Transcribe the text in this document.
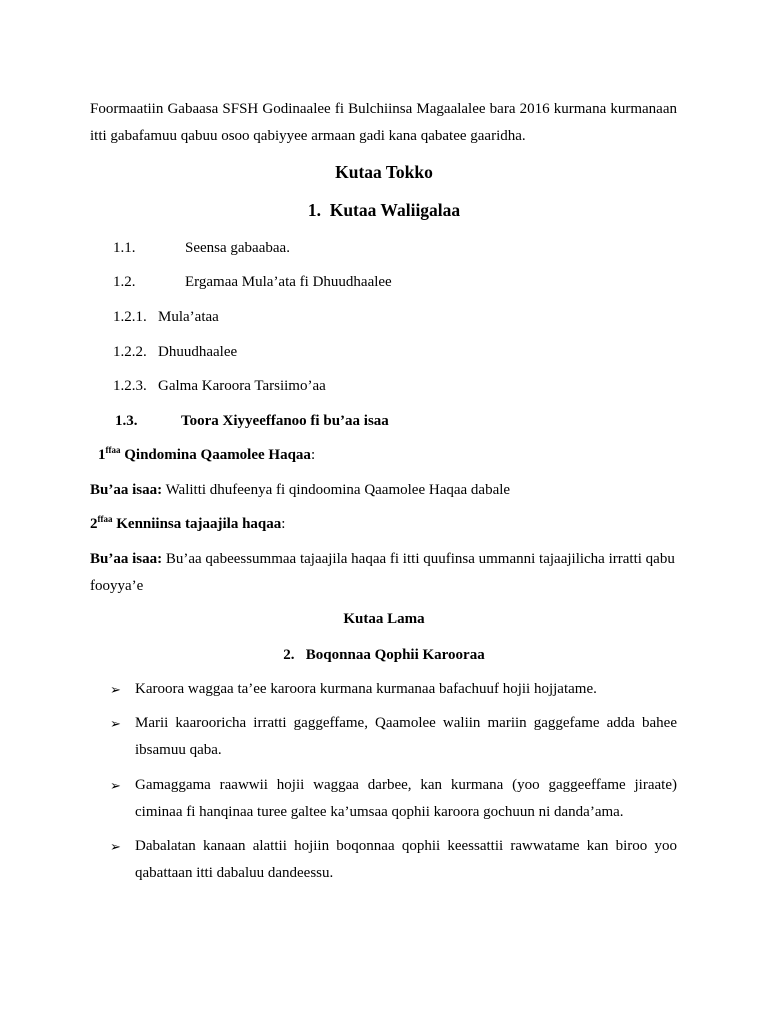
Foormaatiin Gabaasa SFSH Godinaalee fi Bulchiinsa Magaalalee bara 2016 kurmana kurmanaan itti gabafamuu qabuu osoo qabiyyee armaan gadi kana qabatee gaaridha.

Kutaa Tokko

1. Kutaa Waliigalaa

1.1.	Seensa gabaabaa.
1.2.	Ergamaa Mula’ata fi Dhuudhaalee
1.2.1. Mula’ataa
1.2.2. Dhuudhaalee
1.2.3. Galma Karoora Tarsiimo’aa
1.3.	Toora Xiyyeeffanoo fi bu’aa isaa
$1^{ffaa}$ Qindomina Qaamolee Haqaa:
Bu’aa isaa: Walitti dhufeenya fi qindoomina Qaamolee Haqaa dabale
$2^{ffaa}$ Kenniinsa tajaajila haqaa:

Bu’aa isaa: Bu’aa qabeessummaa tajaajila haqaa fi itti quufinsa ummanni tajaajilicha irratti qabu fooyya’e

Kutaa Lama

2. Boqonnaa Qophii Karooraa

➢ Karoora waggaa ta’ee karoora kurmana kurmanaa bafachuuf hojii hojjatame.

➢ Marii kaarooricha irratti gaggeffame, Qaamolee waliin mariin gaggefame adda bahee ibsamuu qaba.

➢ Gamaggama raawwii hojii waggaa darbee, kan kurmana (yoo gaggeeffame jiraate) ciminaa fi hanqinaa turee galtee ka’umsaa qophii karoora gochuun ni danda’ama.

➢ Dabalatan kanaan alattii hojiin boqonnaa qophii keessattii rawwatame kan biroo yoo qabattaan itti dabaluu dandeessu.
